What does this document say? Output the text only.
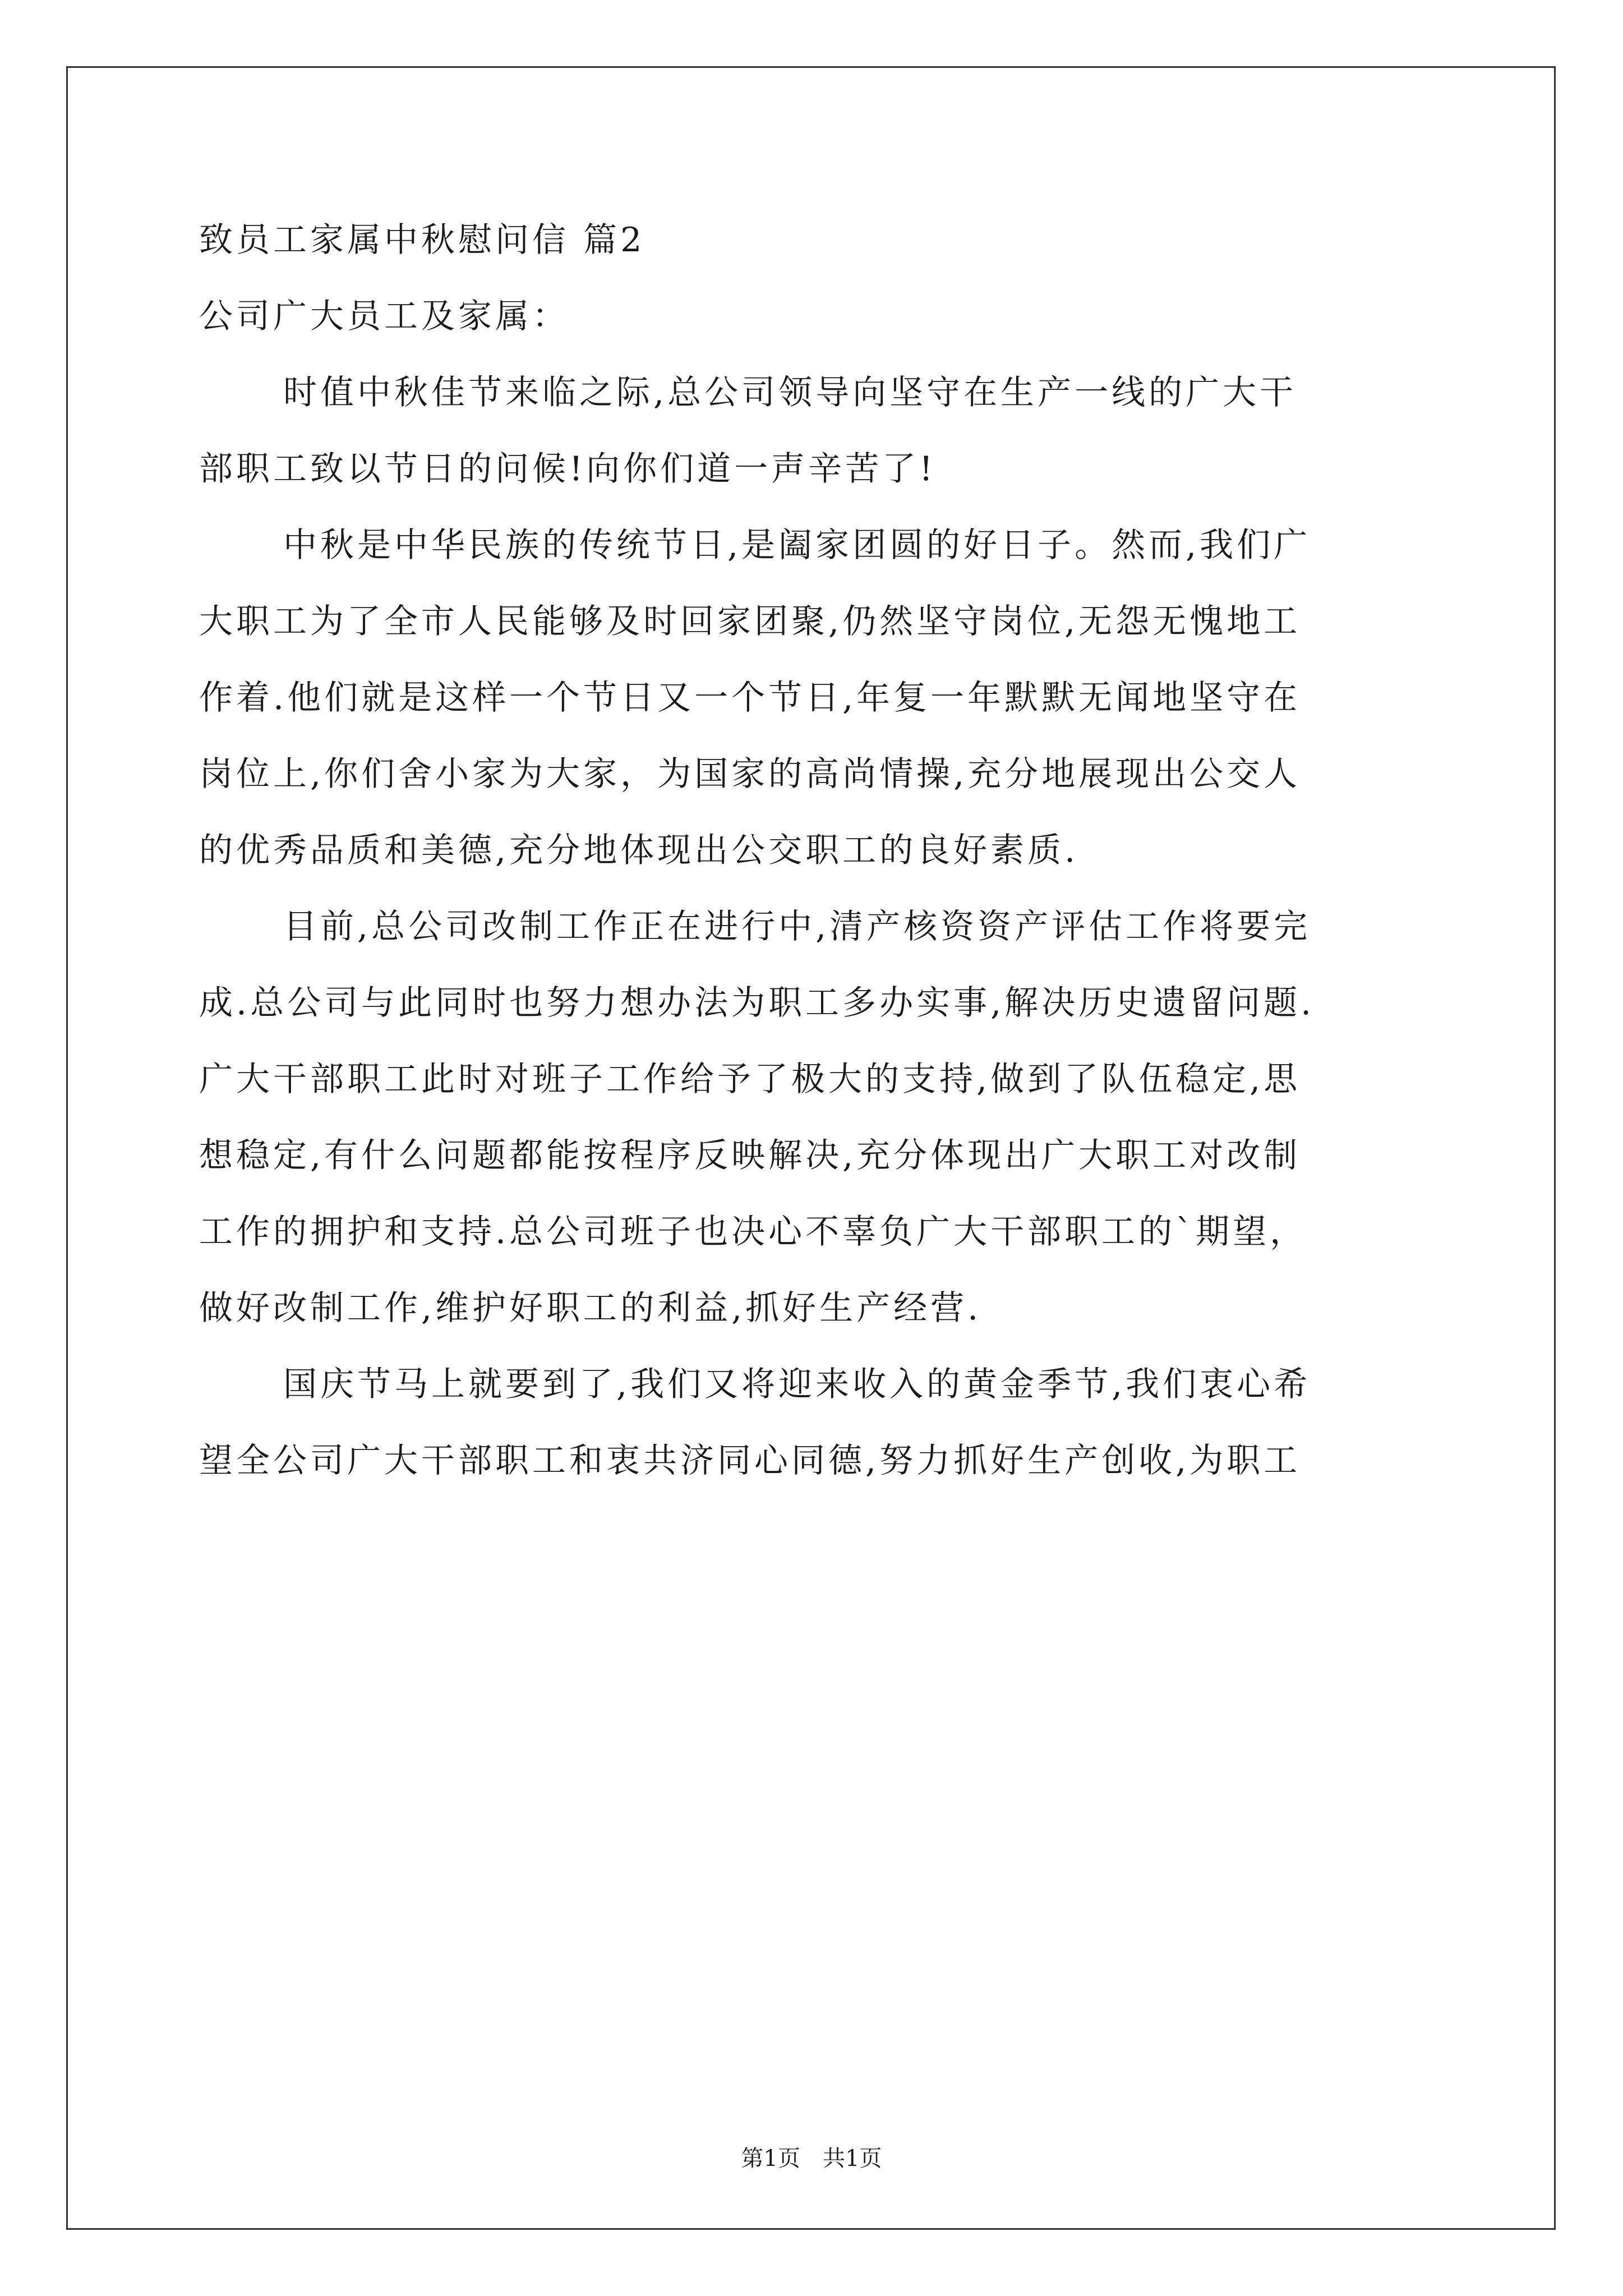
致员工家属中秋慰问信 篇2

公司广大员工及家属：

时值中秋佳节来临之际,总公司领导向坚守在生产一线的广大干

部职工致以节日的问候!向你们道一声辛苦了!

中秋是中华民族的传统节日,是阖家团圆的好日子。然而,我们广

大职工为了全市人民能够及时回家团聚,仍然坚守岗位,无怨无愧地工

作着.他们就是这样一个节日又一个节日,年复一年默默无闻地坚守在

岗位上,你们舍小家为大家，为国家的高尚情操,充分地展现出公交人

的优秀品质和美德,充分地体现出公交职工的良好素质.

目前,总公司改制工作正在进行中,清产核资资产评估工作将要完

成.总公司与此同时也努力想办法为职工多办实事,解决历史遗留问题.

广大干部职工此时对班子工作给予了极大的支持,做到了队伍稳定,思

想稳定,有什么问题都能按程序反映解决,充分体现出广大职工对改制

工作的拥护和支持.总公司班子也决心不辜负广大干部职工的`期望，

做好改制工作,维护好职工的利益,抓好生产经营.

国庆节马上就要到了,我们又将迎来收入的黄金季节,我们衷心希

望全公司广大干部职工和衷共济同心同德,努力抓好生产创收,为职工

第1页　共1页
